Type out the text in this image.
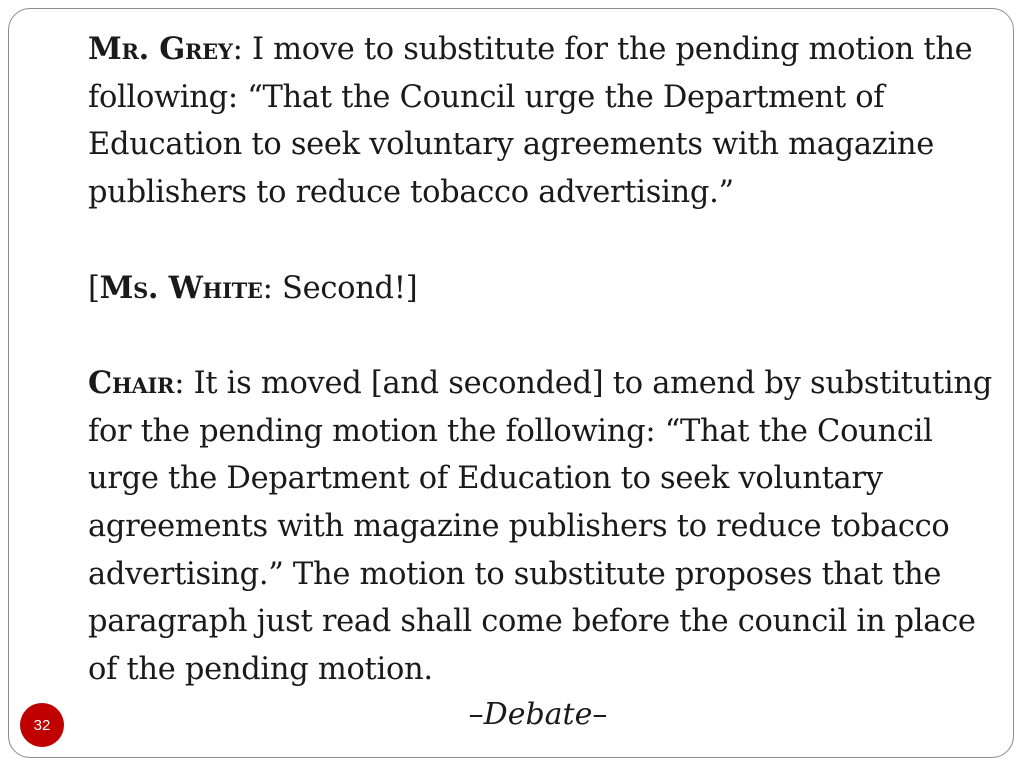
Mr. Grey: I move to substitute for the pending motion the following: “That the Council urge the Department of Education to seek voluntary agreements with magazine publishers to reduce tobacco advertising.”

[Ms. White: Second!]

Chair: It is moved [and seconded] to amend by substituting for the pending motion the following: “That the Council urge the Department of Education to seek voluntary agreements with magazine publishers to reduce tobacco advertising.” The motion to substitute proposes that the paragraph just read shall come before the council in place of the pending motion.

–Debate–
32
